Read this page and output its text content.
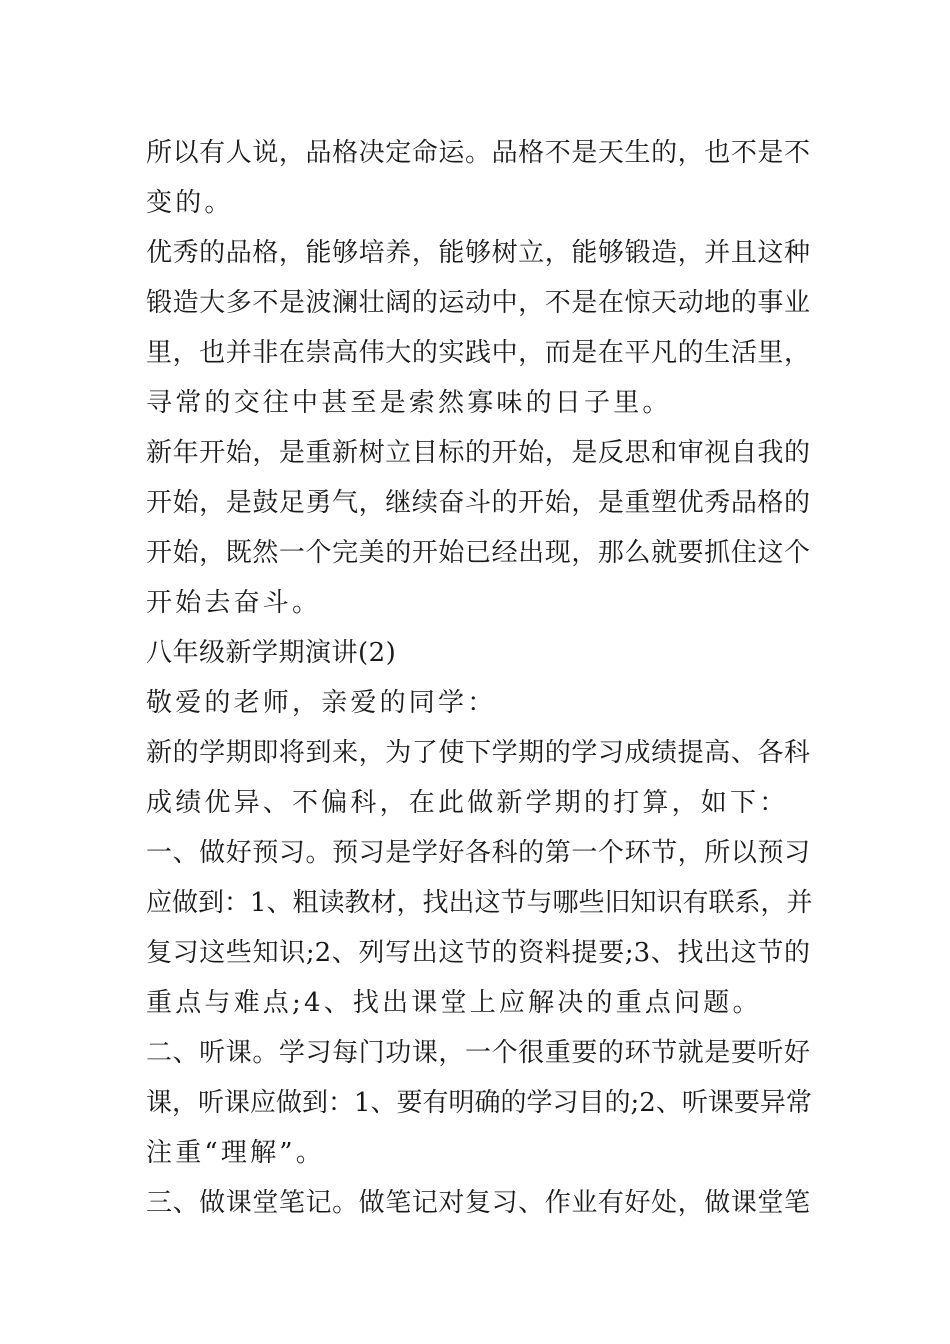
所以有人说，品格决定命运。品格不是天生的，也不是不
变的。
优秀的品格，能够培养，能够树立，能够锻造，并且这种
锻造大多不是波澜壮阔的运动中，不是在惊天动地的事业
里，也并非在崇高伟大的实践中，而是在平凡的生活里，
寻常的交往中甚至是索然寡味的日子里。
新年开始，是重新树立目标的开始，是反思和审视自我的
开始，是鼓足勇气，继续奋斗的开始，是重塑优秀品格的
开始，既然一个完美的开始已经出现，那么就要抓住这个
开始去奋斗。
八年级新学期演讲(2)
敬爱的老师，亲爱的同学：
新的学期即将到来，为了使下学期的学习成绩提高、各科
成绩优异、不偏科，在此做新学期的打算，如下：
一、做好预习。预习是学好各科的第一个环节，所以预习
应做到：1、粗读教材，找出这节与哪些旧知识有联系，并
复习这些知识;2、列写出这节的资料提要;3、找出这节的
重点与难点;4、找出课堂上应解决的重点问题。
二、听课。学习每门功课，一个很重要的环节就是要听好
课，听课应做到：1、要有明确的学习目的;2、听课要异常
注重“理解”。
三、做课堂笔记。做笔记对复习、作业有好处，做课堂笔
